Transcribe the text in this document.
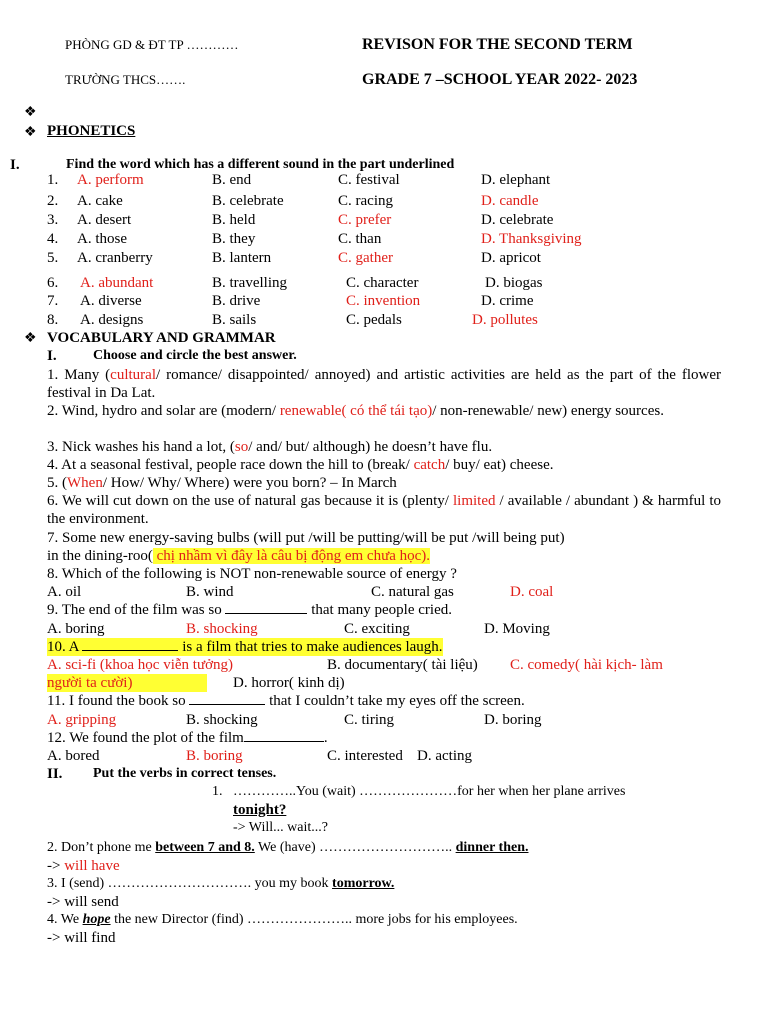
PHÒNG GD & ĐT TP …………	REVISON FOR THE SECOND TERM
TRƯỜNG THCS…….	GRADE 7 –SCHOOL YEAR 2022- 2023
❖
❖ PHONETICS
I.	Find the word which has a different sound in the part underlined
1. A. perform	B. end	C. festival	D. elephant
2. A. cake	B. celebrate	C. racing	D. candle
3. A. desert	B. held	C. prefer	D. celebrate
4. A. those	B. they	C. than	D. Thanksgiving
5. A. cranberry	B. lantern	C. gather	D. apricot
6. A. abundant	B. travelling	C. character	D. biogas
7. A. diverse	B. drive	C. invention	D. crime
8. A. designs	B. sails	C. pedals	D. pollutes
❖ VOCABULARY AND GRAMMAR
I.	Choose and circle the best answer.
1. Many (cultural/ romance/ disappointed/ annoyed) and artistic activities are held as the part of the flower festival in Da Lat.
2. Wind, hydro and solar are (modern/ renewable( có thể tái tạo)/ non-renewable/ new) energy sources.
3. Nick washes his hand a lot, (so/ and/ but/ although) he doesn’t have flu.
4. At a seasonal festival, people race down the hill to (break/ catch/ buy/ eat) cheese.
5. (When/ How/ Why/ Where) were you born? – In March
6. We will cut down on the use of natural gas because it is (plenty/ limited / available / abundant ) & harmful to the environment.
7. Some new energy-saving bulbs (will put /will be putting/will be put /will being put)
in the dining-roo( chị nhầm vì đây là câu bị động em chưa học).
8. Which of the following is NOT non-renewable source of energy ?
A. oil	B. wind	C. natural gas	D. coal
9. The end of the film was so	that many people cried.
A. boring	B. shocking	C. exciting	D. Moving
10. A	is a film that tries to make audiences laugh.
A. sci-fi (khoa học viễn tưởng)	B. documentary( tài liệu) C. comedy( hài kịch- làm
người ta cười)	D. horror( kinh dị)
11. I found the book so	that I couldn’t take my eyes off the screen.
A. gripping	B. shocking	C. tiring	D. boring
12. We found the plot of the film	.
A. bored	B. boring	C. interested D. acting
II. Put the verbs in correct tenses.
1. …………..You (wait) …………………for her when her plane arrives
tonight?
-> Will... wait...?
2. Don’t phone me between 7 and 8. We (have) ……………………….. dinner then.
-> will have
3. I (send) …………………………. you my book tomorrow.
-> will send
4. We hope the new Director (find) ………………….. more jobs for his employees.
-> will find
